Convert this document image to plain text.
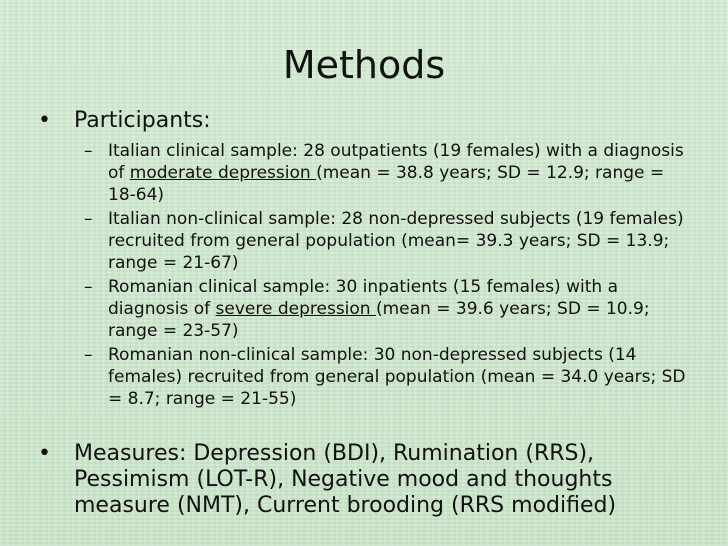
Methods
•	Participants:
– Italian clinical sample: 28 outpatients (19 females) with a diagnosis of moderate depression (mean = 38.8 years; SD = 12.9; range = 18-64)
– Italian non-clinical sample: 28 non-depressed subjects (19 females) recruited from general population (mean= 39.3 years; SD = 13.9; range = 21-67)
– Romanian clinical sample: 30 inpatients (15 females) with a diagnosis of severe depression (mean = 39.6 years; SD = 10.9; range = 23-57)
– Romanian non-clinical sample: 30 non-depressed subjects (14 females) recruited from general population (mean = 34.0 years; SD = 8.7; range = 21-55)
•	Measures: Depression (BDI), Rumination (RRS), Pessimism (LOT-R), Negative mood and thoughts measure (NMT), Current brooding (RRS modified)
